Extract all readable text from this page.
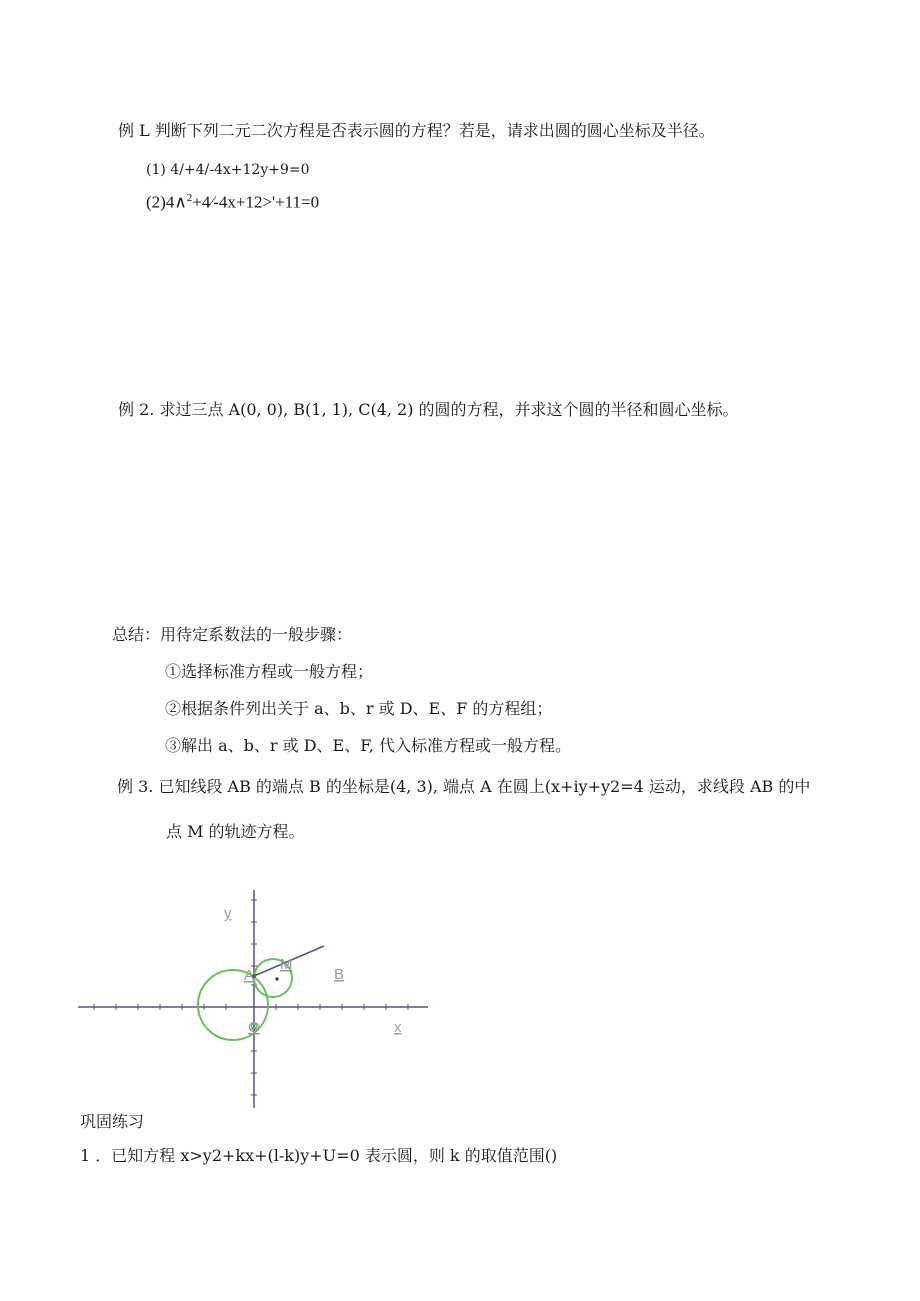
例 L 判断下列二元二次方程是否表示圆的方程？若是，请求出圆的圆心坐标及半径。
(1) 4/+4/-4x+12y+9=0
(2)4∧$^2$+4⁄-4x+12>'+11=0
例 2. 求过三点 A(0, 0), B(1, 1), C(4, 2) 的圆的方程，并求这个圆的半径和圆心坐标。
总结：用待定系数法的一般步骤：
①选择标准方程或一般方程；
②根据条件列出关于 a、b、r 或 D、E、F 的方程组；
③解出 a、b、r 或 D、E、F, 代入标准方程或一般方程。
例 3. 已知线段 AB 的端点 B 的坐标是(4, 3), 端点 A 在圆上(x+iy+y2=4 运动，求线段 AB 的中
点 M 的轨迹方程。
y
x
A
M
B
O
巩固练习
1 ．已知方程 x>y2+kx+(l-k)y+U=0 表示圆，则 k 的取值范围()
